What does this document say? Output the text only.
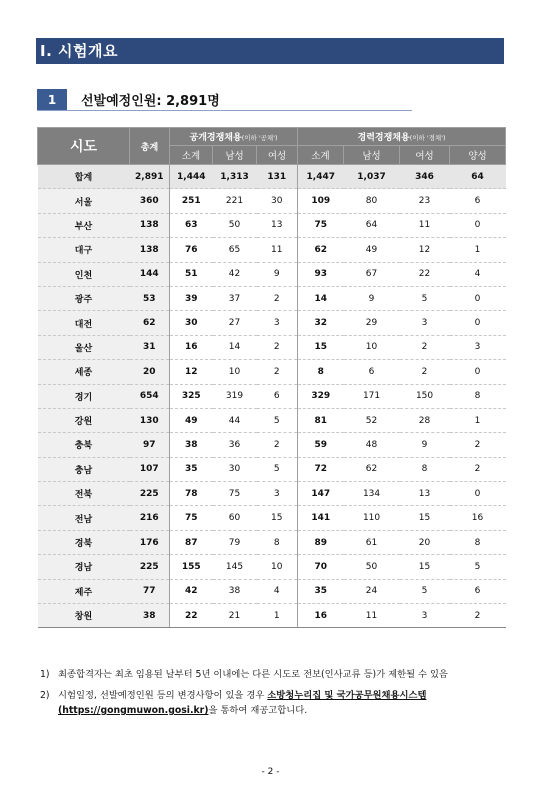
Ⅰ. 시험개요
1	선발예정인원: 2,891명
시도	총계	공개경쟁채용(이하 '공채')			경력경쟁채용(이하 '경채')			
		소계	남성	여성	소계	남성	여성	양성
합계	2,891	1,444	1,313	131	1,447	1,037	346	64
서울	360	251	221	30	109	80	23	6
부산	138	63	50	13	75	64	11	0
대구	138	76	65	11	62	49	12	1
인천	144	51	42	9	93	67	22	4
광주	53	39	37	2	14	9	5	0
대전	62	30	27	3	32	29	3	0
울산	31	16	14	2	15	10	2	3
세종	20	12	10	2	8	6	2	0
경기	654	325	319	6	329	171	150	8
강원	130	49	44	5	81	52	28	1
충북	97	38	36	2	59	48	9	2
충남	107	35	30	5	72	62	8	2
전북	225	78	75	3	147	134	13	0
전남	216	75	60	15	141	110	15	16
경북	176	87	79	8	89	61	20	8
경남	225	155	145	10	70	50	15	5
제주	77	42	38	4	35	24	5	6
창원	38	22	21	1	16	11	3	2
1) 최종합격자는 최초 임용된 날부터 5년 이내에는 다른 시도로 전보(인사교류 등)가 제한될 수 있음
2) 시험일정, 선발예정인원 등의 변경사항이 있을 경우 소방청누리집 및 국가공무원채용시스템 (https://gongmuwon.gosi.kr)을 통하여 재공고합니다.
- 2 -
